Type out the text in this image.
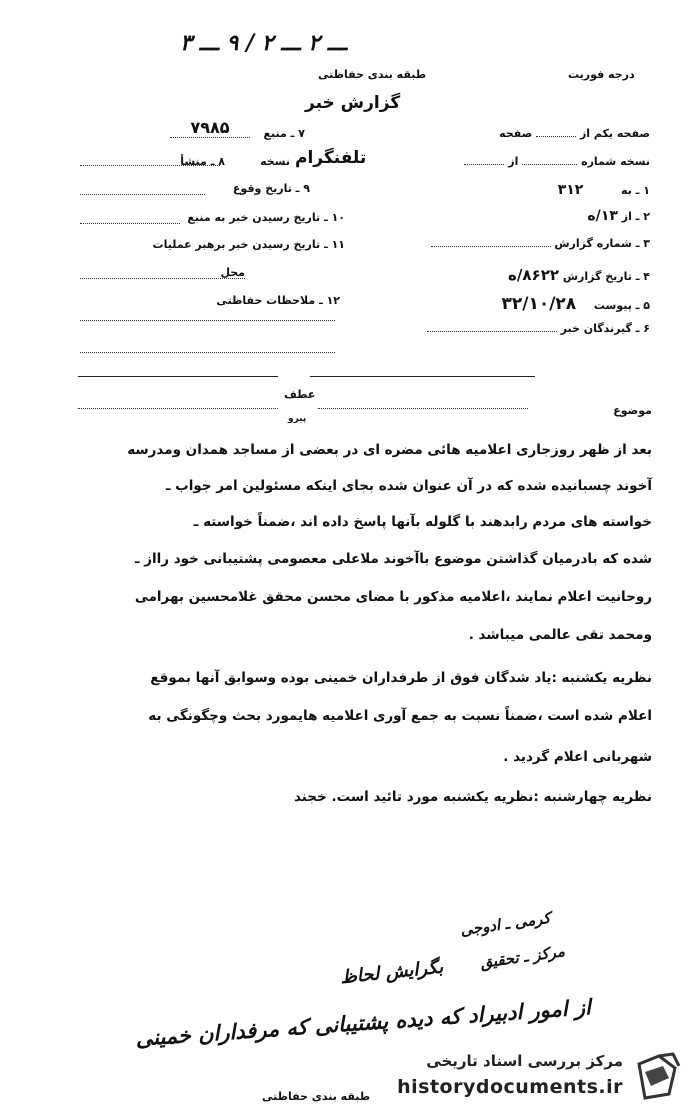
ـــ ۲ ـــ ۲ / ۹ ـــ ۳
طبقه بندی حفاظتی	درجه فوریت
گزارش خبر
۷ ـ منبع
۷۹۸۵
نسخه تلفنگرام
۸ ـ منشأ
۹ ـ تاریخ وقوع
۱۰ ـ تاریخ رسیدن خبر به منبع
۱۱ ـ تاریخ رسیدن خبر برهبر عملیات
محل
۱۲ ـ ملاحظات حفاظتی
صفحه یکم از  صفحه
نسخه شماره  از
۱ ـ به  ۳۱۲
۲ ـ از ۱۳/ه
۳ ـ شماره گزارش
۴ ـ تاریخ گزارش ۸۶۲۲/ه
۵ ـ پیوست  ۳۲/۱۰/۲۸
۶ ـ گیرندگان خبر
عطف
پیرو
موضوع
بعد از ظهر روزجاری اعلامیه هائی مضره ای در بعضی از مساجد همدان ومدرسه
آخوند چسبانیده شده که در آن عنوان شده بجای اینکه مسئولین امر جواب ـ
خواسته های مردم رابدهند با گلوله بآنها پاسخ داده اند ،ضمناً خواسته ـ
شده که بادرمیان گذاشتن موضوع باآخوند ملاعلی معصومی پشتیبانی خود رااز ـ
روحانیت اعلام نمایند ،اعلامیه مذکور با مضای محسن محقق غلامحسین بهرامی
ومحمد تقی عالمی میباشد .
نظریه یکشنبه :یاد شدگان فوق از طرفداران خمینی بوده وسوابق آنها بموقع
اعلام شده است ،ضمناً نسبت به جمع آوری اعلامیه هایمورد بحث وچگونگی به
شهربانی اعلام گردید .
نظریه چهارشنبه :نظریه یکشنبه مورد تائید است. خجند
کرمی ـ ادوجی
مرکز ـ تحقیق
بگرایش لحاظ
از امور ادبیراد که دیده پشتیبانی که مرفداران خمینی
طبقه بندی حفاظتی
مرکز بررسی اسناد تاریخی
historydocuments.ir
